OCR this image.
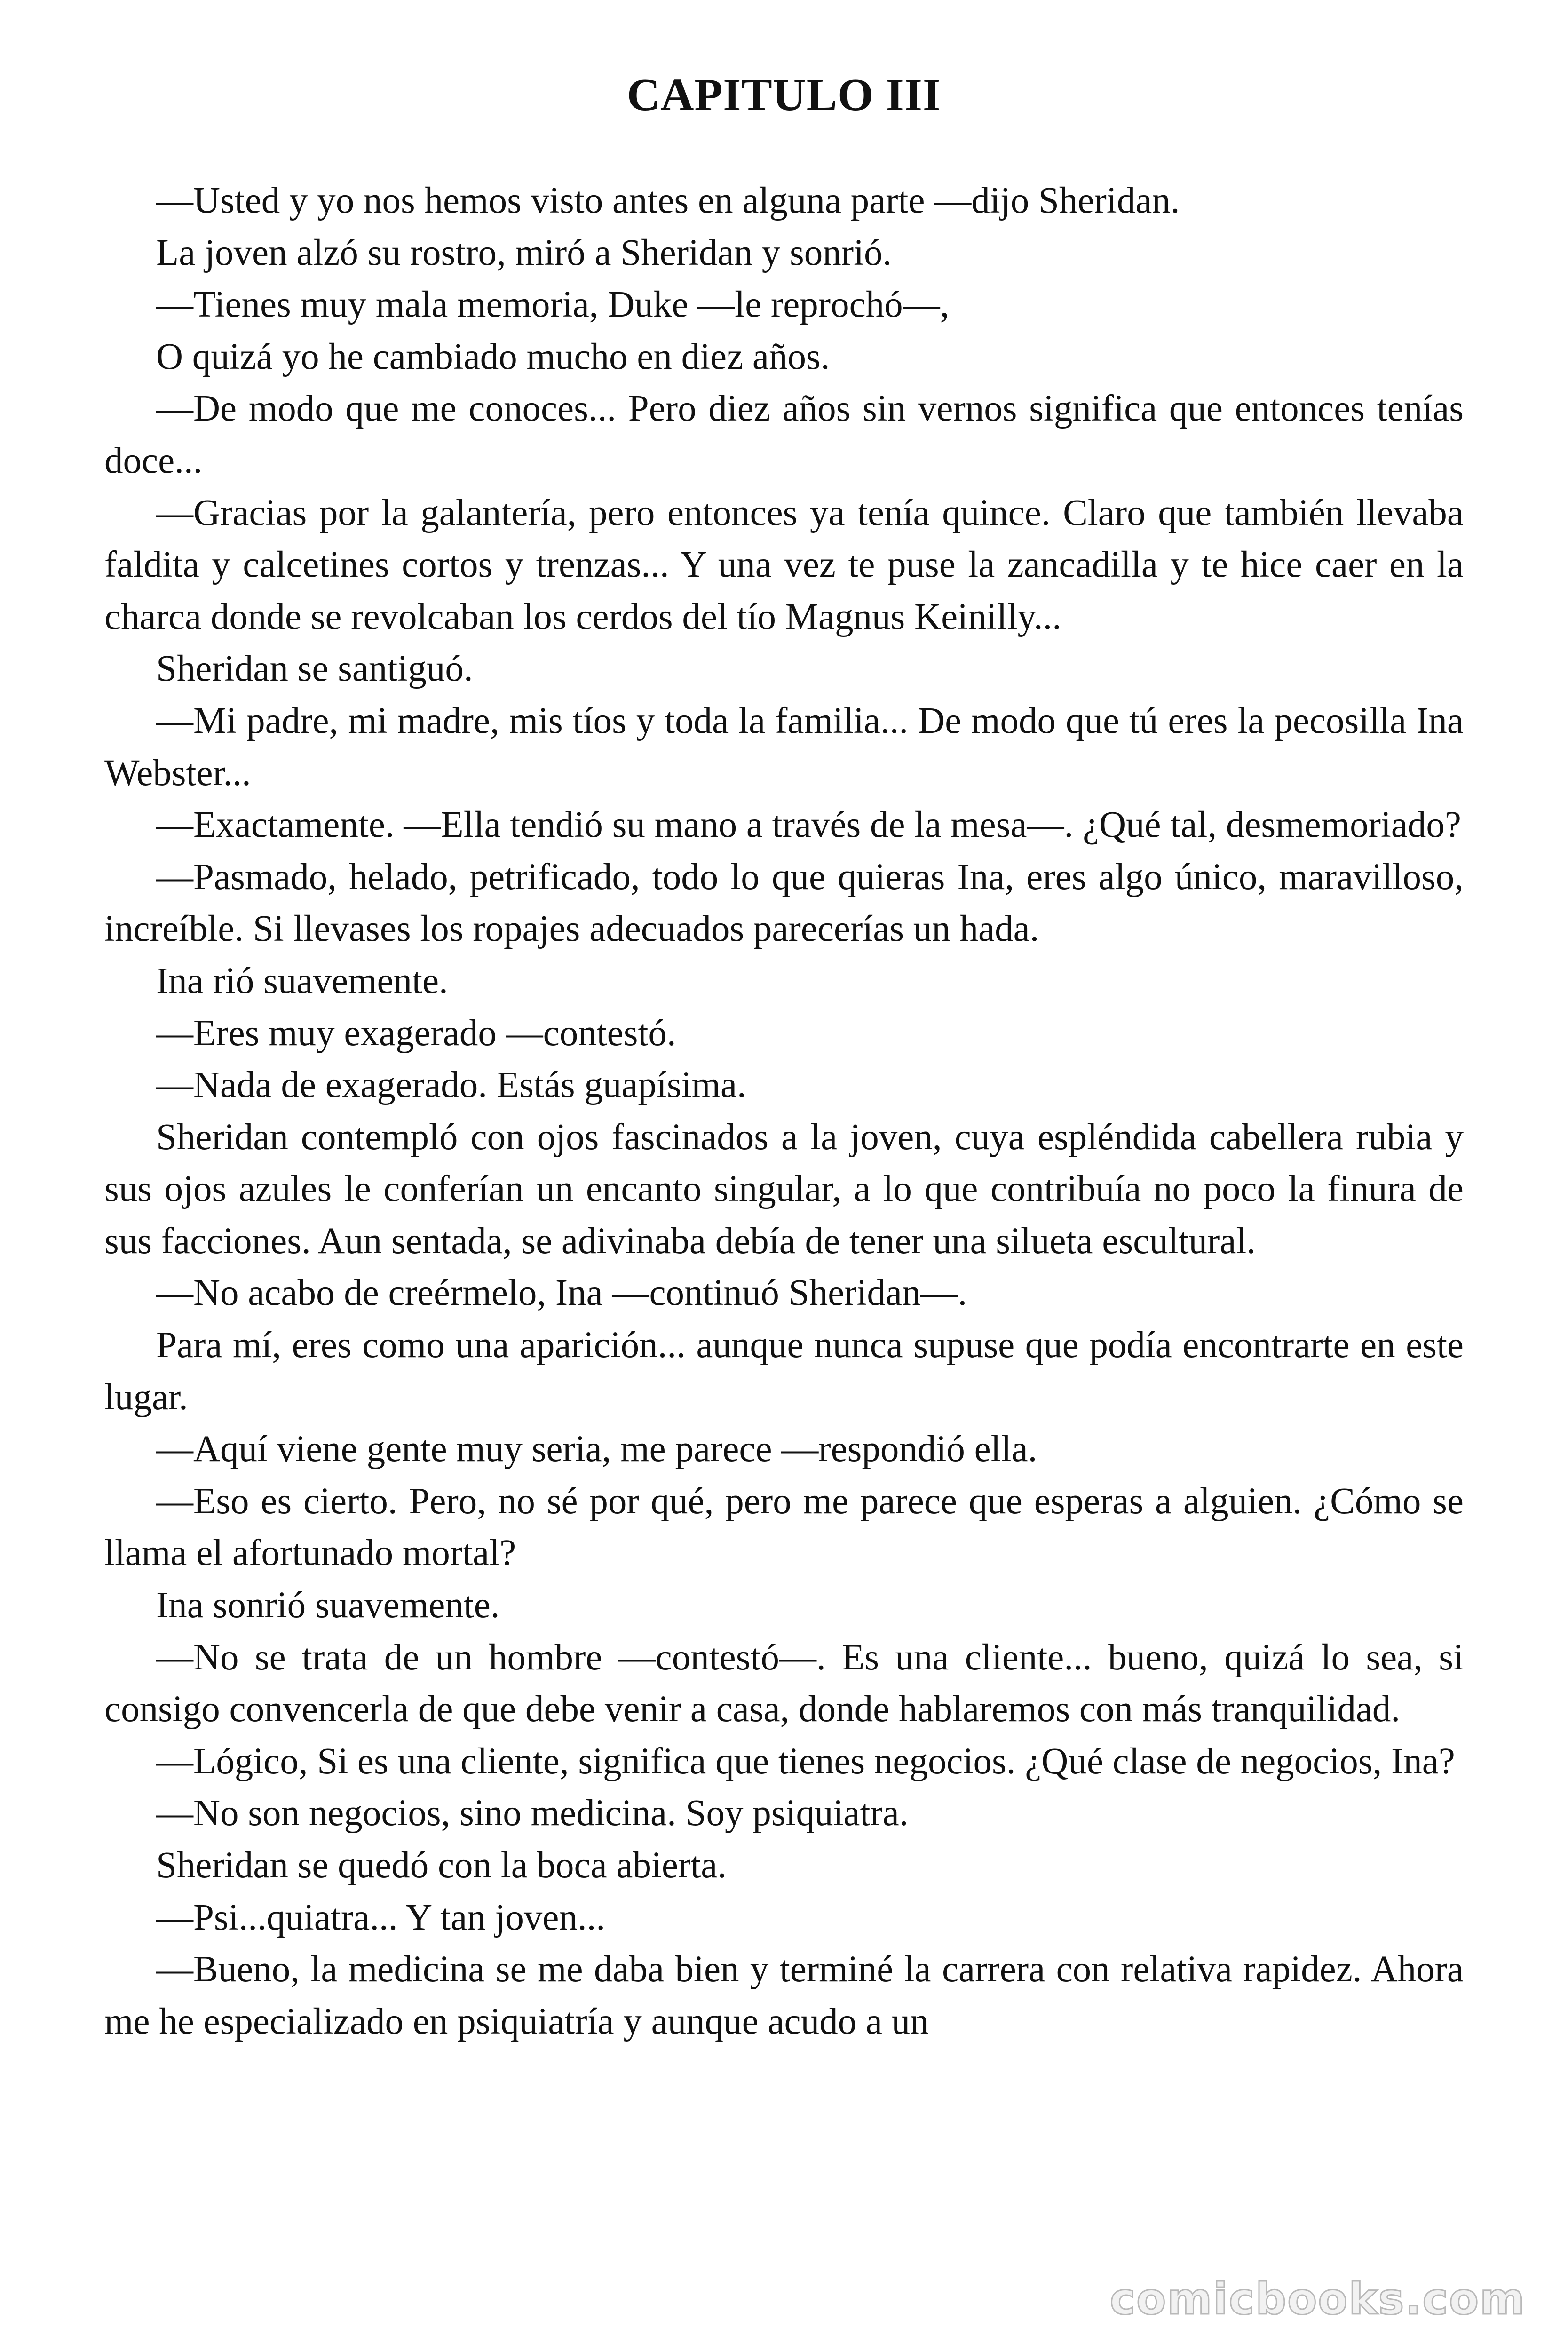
CAPITULO III

—Usted y yo nos hemos visto antes en alguna parte —dijo Sheridan.

La joven alzó su rostro, miró a Sheridan y sonrió.

—Tienes muy mala memoria, Duke —le reprochó—,

O quizá yo he cambiado mucho en diez años.

—De modo que me conoces... Pero diez años sin vernos significa que entonces tenías doce...

—Gracias por la galantería, pero entonces ya tenía quince. Claro que también llevaba faldita y calcetines cortos y trenzas... Y una vez te puse la zancadilla y te hice caer en la charca donde se revolcaban los cerdos del tío Magnus Keinilly...

Sheridan se santiguó.

—Mi padre, mi madre, mis tíos y toda la familia... De modo que tú eres la pecosilla Ina Webster...

—Exactamente. —Ella tendió su mano a través de la mesa—. ¿Qué tal, desmemoriado?

—Pasmado, helado, petrificado, todo lo que quieras Ina, eres algo único, maravilloso, increíble. Si llevases los ropajes adecuados parecerías un hada.

Ina rió suavemente.

—Eres muy exagerado —contestó.

—Nada de exagerado. Estás guapísima.

Sheridan contempló con ojos fascinados a la joven, cuya espléndida cabellera rubia y sus ojos azules le conferían un encanto singular, a lo que contribuía no poco la finura de sus facciones. Aun sentada, se adivinaba debía de tener una silueta escultural.

—No acabo de creérmelo, Ina —continuó Sheridan—.

Para mí, eres como una aparición... aunque nunca supuse que podía encontrarte en este lugar.

—Aquí viene gente muy seria, me parece —respondió ella.

—Eso es cierto. Pero, no sé por qué, pero me parece que esperas a alguien. ¿Cómo se llama el afortunado mortal?

Ina sonrió suavemente.

—No se trata de un hombre —contestó—. Es una cliente... bueno, quizá lo sea, si consigo convencerla de que debe venir a casa, donde hablaremos con más tranquilidad.

—Lógico, Si es una cliente, significa que tienes negocios. ¿Qué clase de negocios, Ina?

—No son negocios, sino medicina. Soy psiquiatra.

Sheridan se quedó con la boca abierta.

—Psi...quiatra... Y tan joven...

—Bueno, la medicina se me daba bien y terminé la carrera con relativa rapidez. Ahora me he especializado en psiquiatría y aunque acudo a un

comicbooks.com
